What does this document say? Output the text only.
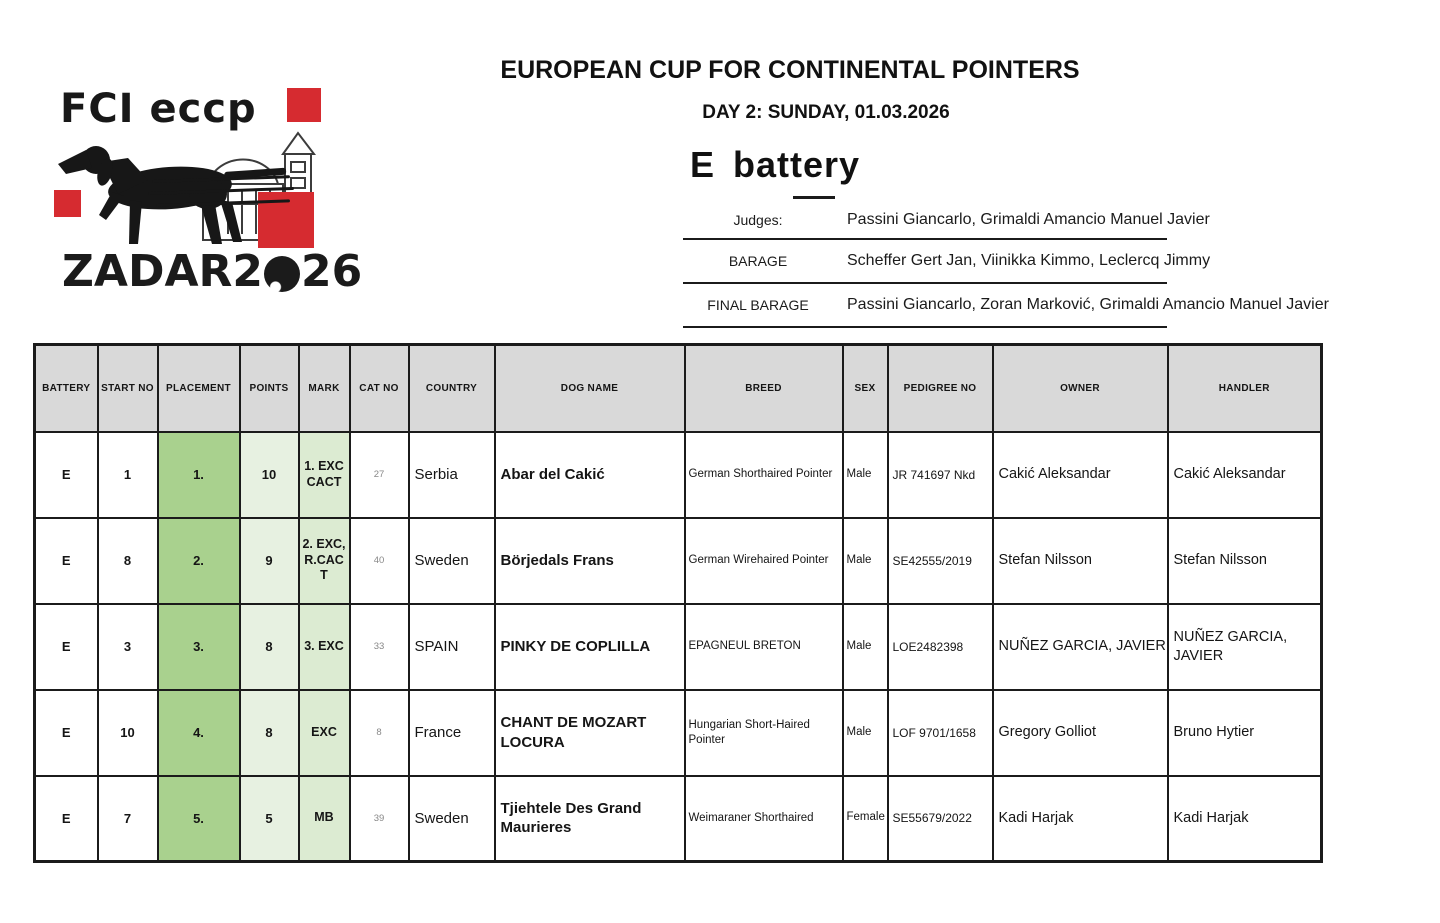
FCI eccp
ZADAR2 26
EUROPEAN CUP FOR CONTINENTAL POINTERS
DAY 2: SUNDAY, 01.03.2026
E battery
Judges:	Passini Giancarlo, Grimaldi Amancio Manuel Javier
BARAGE	Scheffer Gert Jan, Viinikka Kimmo, Leclercq Jimmy
FINAL BARAGE	Passini Giancarlo, Zoran Marković, Grimaldi Amancio Manuel Javier
BATTERY	START NO	PLACEMENT	POINTS	MARK	CAT NO	COUNTRY	DOG NAME	BREED	SEX	PEDIGREE NO	OWNER	HANDLER
E	1	1.	10	1. EXC CACT	27	Serbia	Abar del Cakić	German Shorthaired Pointer	Male	JR 741697 Nkd	Cakić Aleksandar	Cakić Aleksandar
E	8	2.	9	2. EXC, R.CACT	40	Sweden	Börjedals Frans	German Wirehaired Pointer	Male	SE42555/2019	Stefan Nilsson	Stefan Nilsson
E	3	3.	8	3. EXC	33	SPAIN	PINKY DE COPLILLA	EPAGNEUL BRETON	Male	LOE2482398	NUÑEZ GARCIA, JAVIER	NUÑEZ GARCIA, JAVIER
E	10	4.	8	EXC	8	France	CHANT DE MOZART LOCURA	Hungarian Short-Haired Pointer	Male	LOF 9701/1658	Gregory Golliot	Bruno Hytier
E	7	5.	5	MB	39	Sweden	Tjiehtele Des Grand Maurieres	Weimaraner Shorthaired	Female	SE55679/2022	Kadi Harjak	Kadi Harjak
